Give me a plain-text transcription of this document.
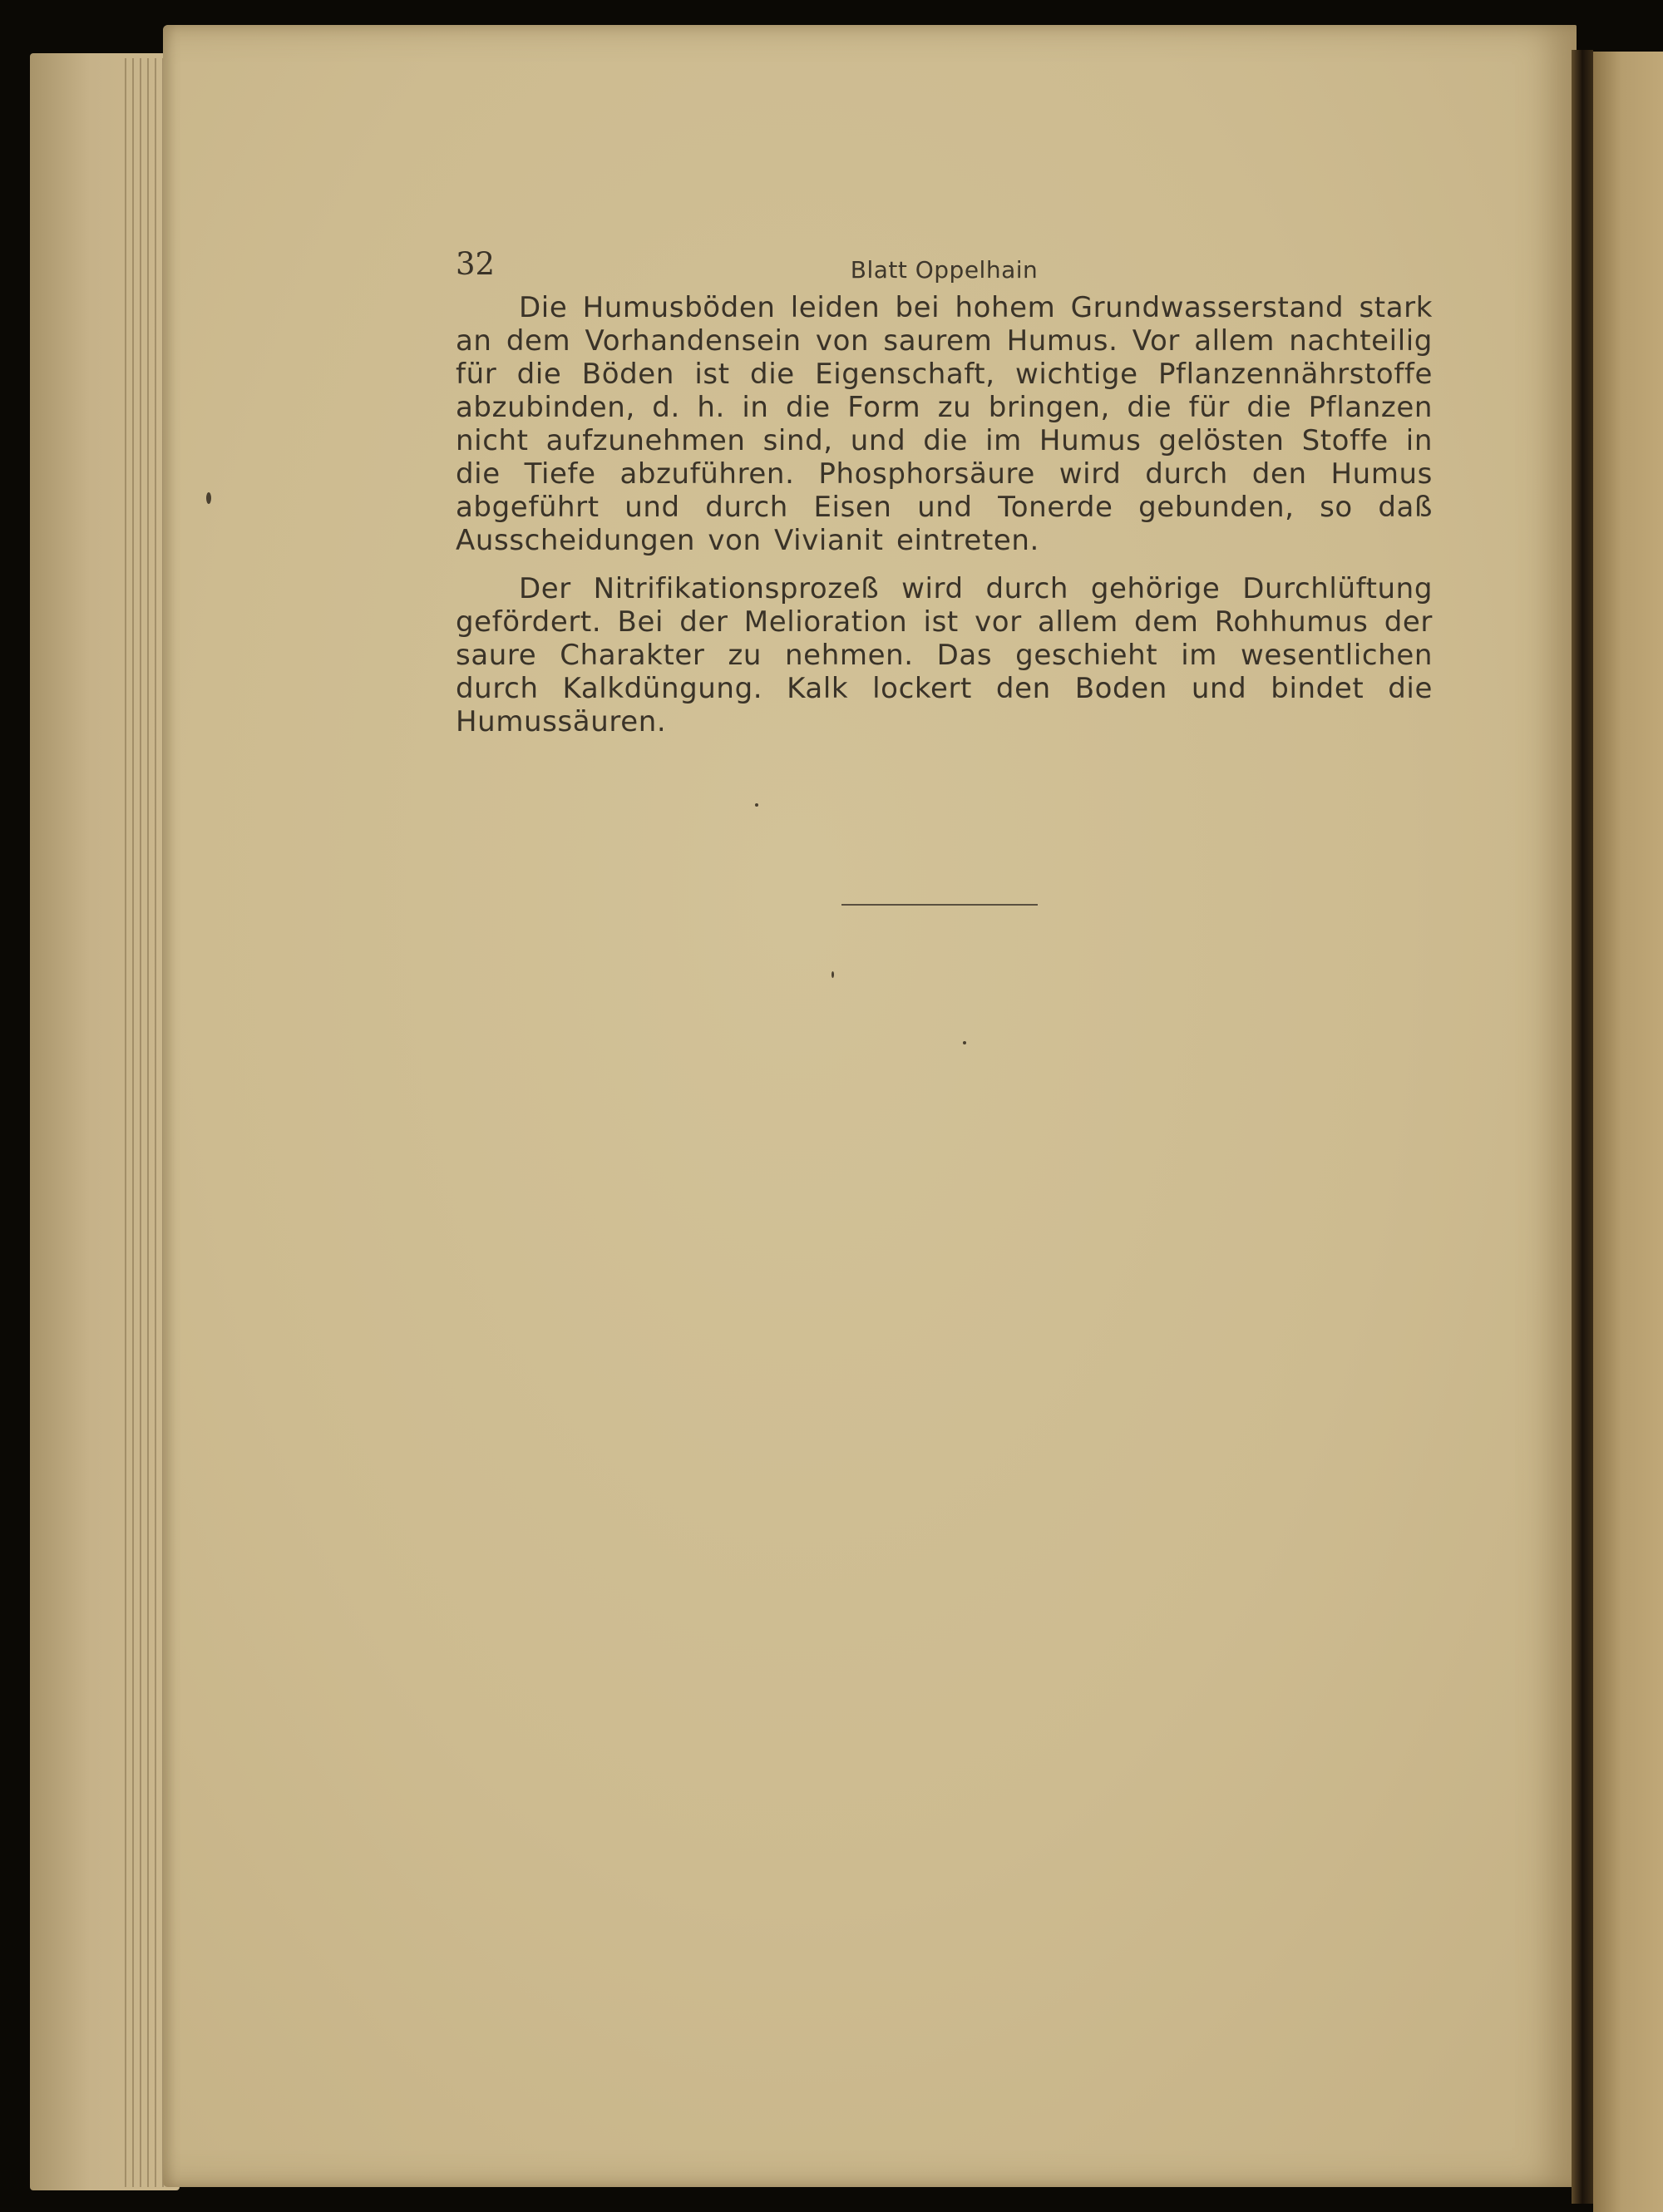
32	Blatt Oppelhain

Die Humusböden leiden bei hohem Grundwasserstand stark an dem Vorhandensein von saurem Humus. Vor allem nachteilig für die Böden ist die Eigenschaft, wichtige Pflanzennährstoffe abzubinden, d. h. in die Form zu bringen, die für die Pflanzen nicht aufzunehmen sind, und die im Humus gelösten Stoffe in die Tiefe abzuführen. Phosphorsäure wird durch den Humus abgeführt und durch Eisen und Tonerde gebunden, so daß Ausscheidungen von Vivianit eintreten.

Der Nitrifikationsprozeß wird durch gehörige Durchlüftung gefördert. Bei der Melioration ist vor allem dem Rohhumus der saure Charakter zu nehmen. Das geschieht im wesentlichen durch Kalkdüngung. Kalk lockert den Boden und bindet die Humussäuren.
